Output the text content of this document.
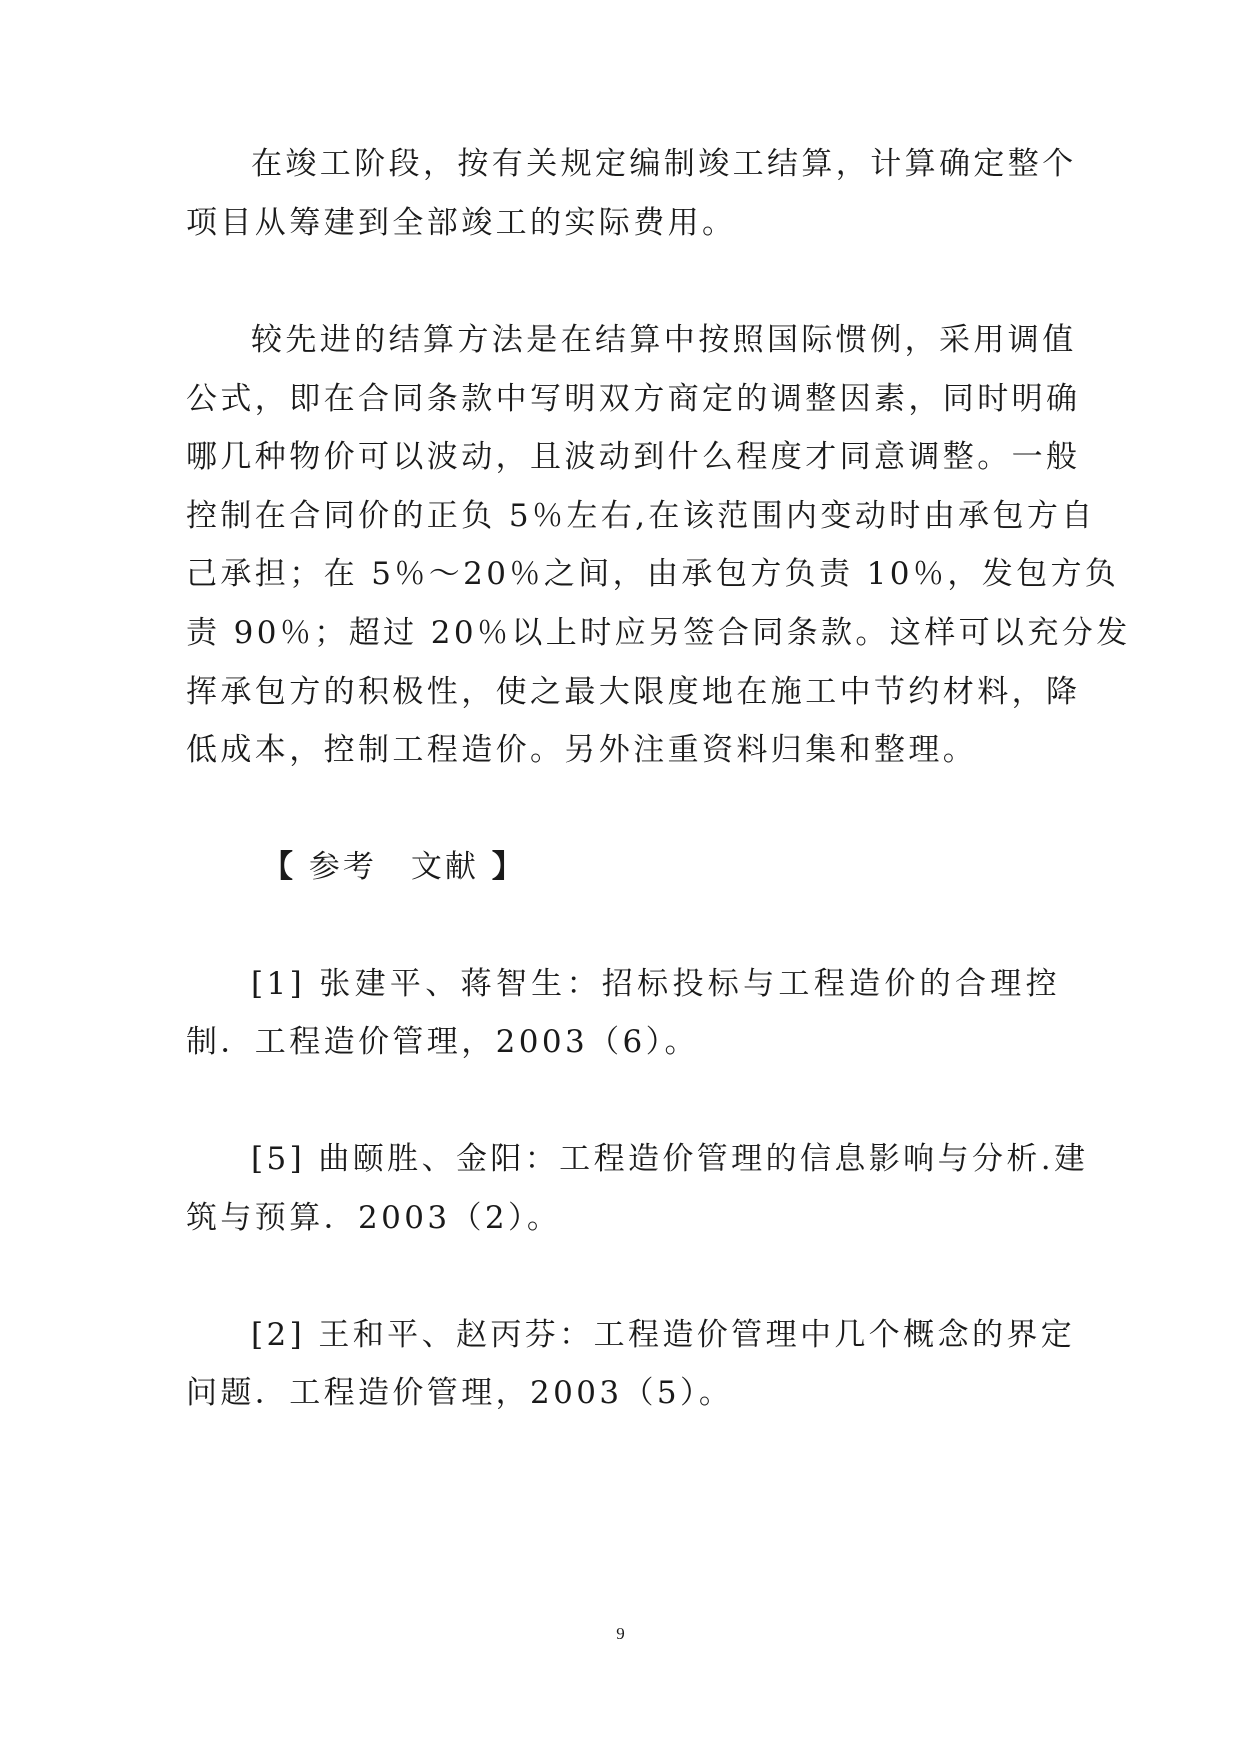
在竣工阶段，按有关规定编制竣工结算，计算确定整个
项目从筹建到全部竣工的实际费用。
较先进的结算方法是在结算中按照国际惯例，采用调值
公式，即在合同条款中写明双方商定的调整因素，同时明确
哪几种物价可以波动，且波动到什么程度才同意调整。一般
控制在合同价的正负 5％左右,在该范围内变动时由承包方自
己承担；在 5％～20％之间，由承包方负责 10％，发包方负
责 90％；超过 20％以上时应另签合同条款。这样可以充分发
挥承包方的积极性，使之最大限度地在施工中节约材料，降
低成本，控制工程造价。另外注重资料归集和整理。
【 参考　文献 】
[1] 张建平、蒋智生：招标投标与工程造价的合理控
制．工程造价管理，2003（6）。
[5] 曲颐胜、金阳：工程造价管理的信息影响与分析.建
筑与预算．2003（2）。
[2] 王和平、赵丙芬：工程造价管理中几个概念的界定
问题．工程造价管理，2003（5）。
9
